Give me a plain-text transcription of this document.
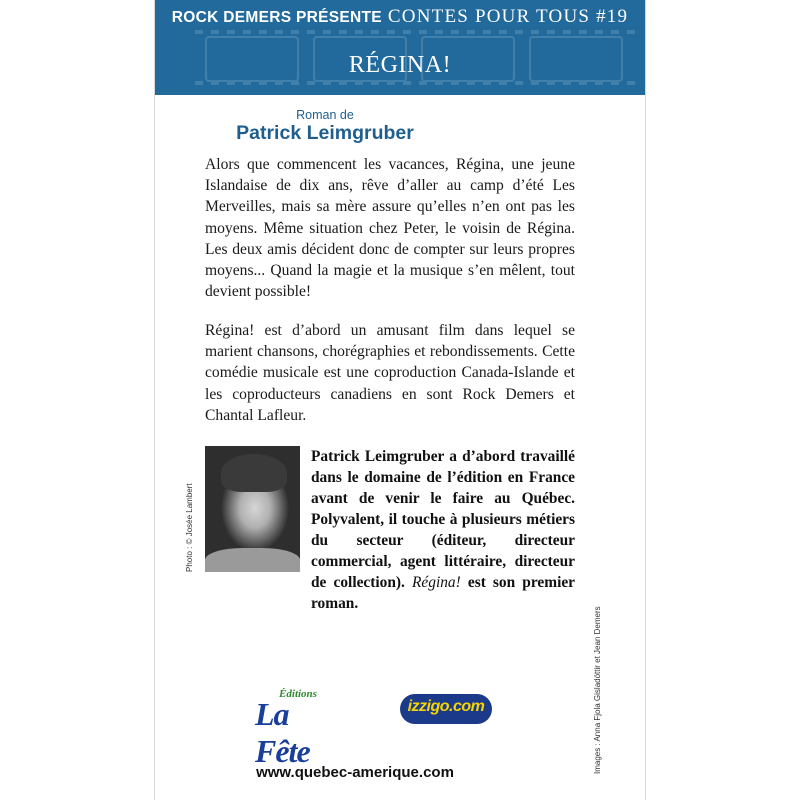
ROCK DEMERS PRÉSENTE CONTES POUR TOUS #19
RÉGINA!
Roman de
Patrick Leimgruber
Alors que commencent les vacances, Régina, une jeune Islandaise de dix ans, rêve d’aller au camp d’été Les Merveilles, mais sa mère assure qu’elles n’en ont pas les moyens. Même situation chez Peter, le voisin de Régina. Les deux amis décident donc de compter sur leurs propres moyens... Quand la magie et la musique s’en mêlent, tout devient possible!
Régina! est d’abord un amusant film dans lequel se marient chansons, chorégraphies et rebondissements. Cette comédie musicale est une coproduction Canada-Islande et les coproducteurs canadiens en sont Rock Demers et Chantal Lafleur.
Photo : © Josée Lambert
Patrick Leimgruber a d’abord travaillé dans le domaine de l’édition en France avant de venir le faire au Québec. Polyvalent, il touche à plusieurs métiers du secteur (éditeur, directeur commercial, agent littéraire, directeur de collection). Régina! est son premier roman.
Images : Anna Fjola Gisladóttir et Jean Demers
Éditions
La Fête
izzigo.com
www.quebec-amerique.com
